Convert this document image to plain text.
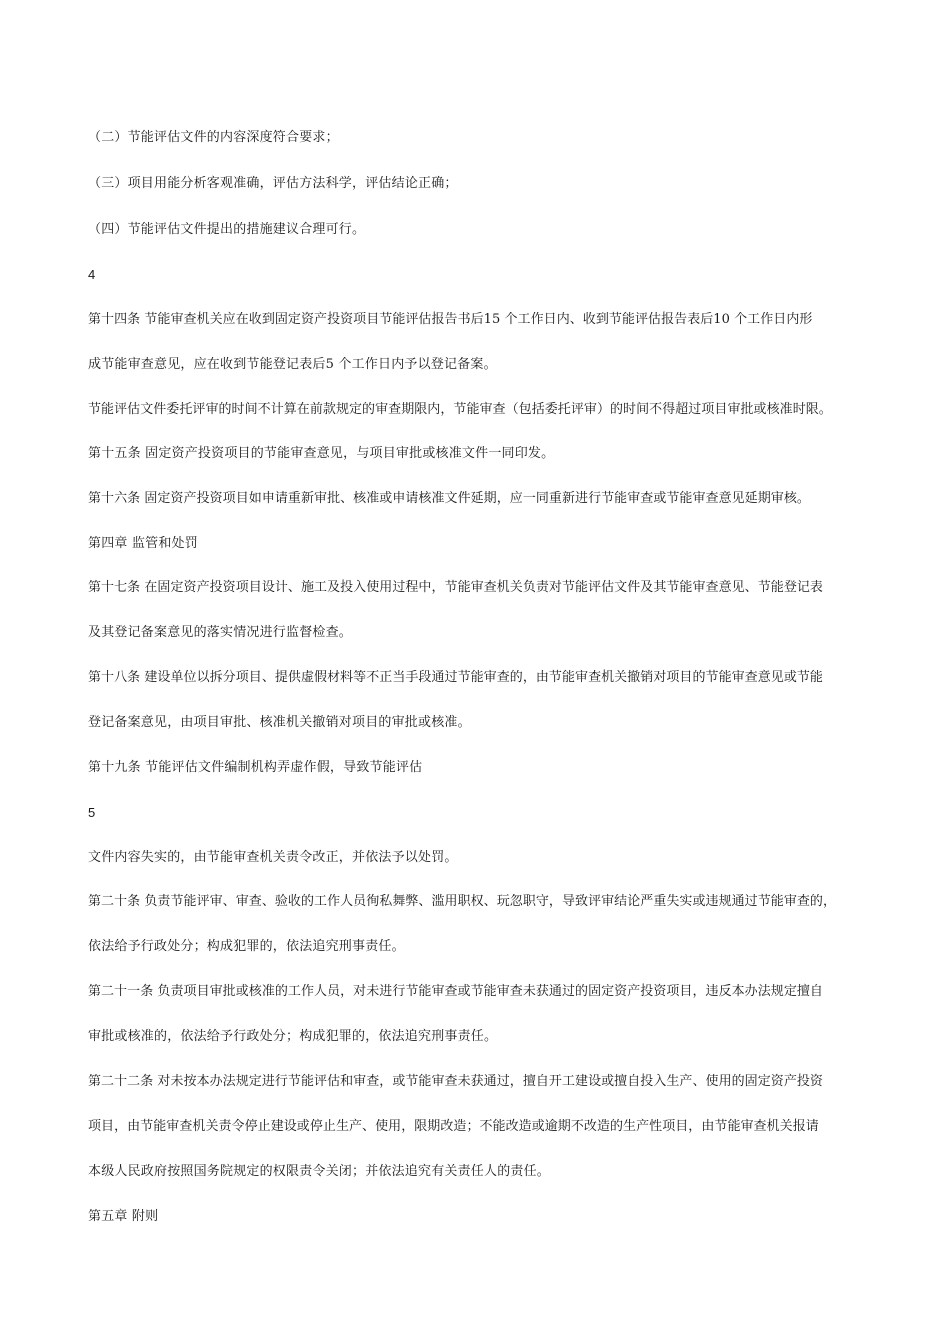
（二）节能评估文件的内容深度符合要求；
（三）项目用能分析客观准确，评估方法科学，评估结论正确；
（四）节能评估文件提出的措施建议合理可行。
4
第十四条 节能审查机关应在收到固定资产投资项目节能评估报告书后15 个工作日内、收到节能评估报告表后10 个工作日内形
成节能审查意见，应在收到节能登记表后5 个工作日内予以登记备案。
节能评估文件委托评审的时间不计算在前款规定的审查期限内，节能审查（包括委托评审）的时间不得超过项目审批或核准时限。
第十五条 固定资产投资项目的节能审查意见，与项目审批或核准文件一同印发。
第十六条 固定资产投资项目如申请重新审批、核准或申请核准文件延期，应一同重新进行节能审查或节能审查意见延期审核。
第四章 监管和处罚
第十七条 在固定资产投资项目设计、施工及投入使用过程中，节能审查机关负责对节能评估文件及其节能审查意见、节能登记表
及其登记备案意见的落实情况进行监督检查。
第十八条 建设单位以拆分项目、提供虚假材料等不正当手段通过节能审查的，由节能审查机关撤销对项目的节能审查意见或节能
登记备案意见，由项目审批、核准机关撤销对项目的审批或核准。
第十九条 节能评估文件编制机构弄虚作假，导致节能评估
5
文件内容失实的，由节能审查机关责令改正，并依法予以处罚。
第二十条 负责节能评审、审查、验收的工作人员徇私舞弊、滥用职权、玩忽职守，导致评审结论严重失实或违规通过节能审查的，
依法给予行政处分；构成犯罪的，依法追究刑事责任。
第二十一条 负责项目审批或核准的工作人员，对未进行节能审查或节能审查未获通过的固定资产投资项目，违反本办法规定擅自
审批或核准的，依法给予行政处分；构成犯罪的，依法追究刑事责任。
第二十二条 对未按本办法规定进行节能评估和审查，或节能审查未获通过，擅自开工建设或擅自投入生产、使用的固定资产投资
项目，由节能审查机关责令停止建设或停止生产、使用，限期改造；不能改造或逾期不改造的生产性项目，由节能审查机关报请
本级人民政府按照国务院规定的权限责令关闭；并依法追究有关责任人的责任。
第五章 附则
